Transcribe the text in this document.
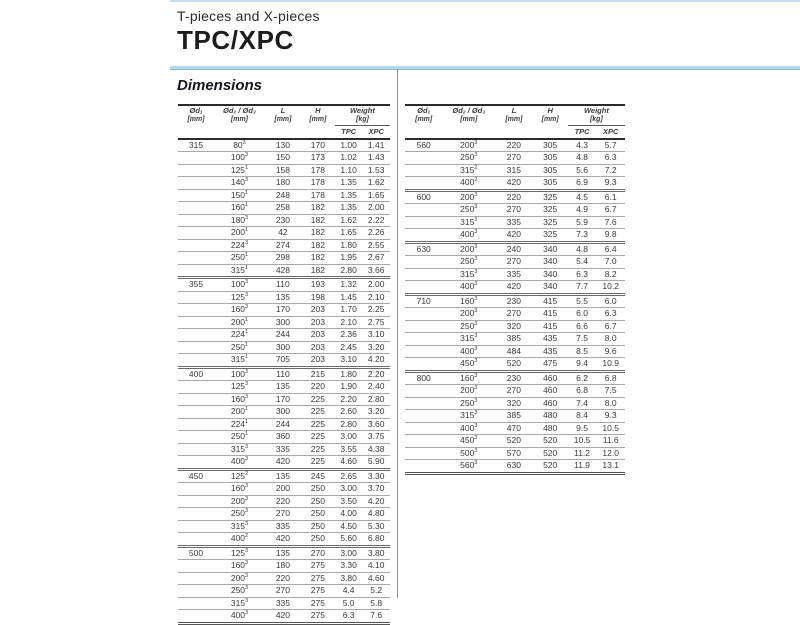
T-pieces and X-pieces
TPC/XPC
Dimensions
Ød₁
[mm]	Ød₂ / Ød₃
[mm]	L
[mm]	H
[mm]	Weight
[kg]	

				TPC	XPC
315	$80^3$	130	170	1.00	1.41
	$100^3$	150	173	1.02	1.43
	$125^1$	158	178	1.10	1.53
	$140^3$	180	178	1.35	1.62
	$150^1$	248	178	1.35	1.65
	$160^1$	258	182	1.35	2.00
	$180^3$	230	182	1.62	2.22
	$200^1$	42	182	1.65	2.26
	$224^3$	274	182	1.80	2.55
	$250^1$	298	182	1.95	2.67
	$315^1$	428	182	2.80	3.66
355	$100^3$	110	193	1.32	2.00
	$125^3$	135	198	1.45	2.10
	$160^3$	170	203	1.70	2.25
	$200^1$	300	203	2.10	2.75
	$224^1$	244	203	2.36	3.10
	$250^1$	300	203	2.45	3.20
	$315^1$	705	203	3.10	4.20
400	$100^3$	110	215	1.80	2.20
	$125^3$	135	220	1.90	2.40
	$160^3$	170	225	2.20	2.80
	$200^1$	300	225	2.60	3.20
	$224^1$	244	225	2.80	3.60
	$250^1$	360	225	3.00	3.75
	$315^3$	335	225	3.55	4.38
	$400^3$	420	225	4.60	5.90
450	$125^2$	135	245	2.65	3.30
	$160^3$	200	250	3.00	3.70
	$200^3$	220	250	3.50	4.20
	$250^3$	270	250	4.00	4.80
	$315^3$	335	250	4.50	5.30
	$400^2$	420	250	5.60	6.80
500	$125^3$	135	270	3.00	3.80
	$160^3$	180	275	3.30	4.10
	$200^3$	220	275	3.80	4.60
	$250^3$	270	275	4.4	5.2
	$315^3$	335	275	5.0	5.8
	$400^3$	420	275	6.3	7.6
Ød₁
[mm]	Ød₂ / Ød₃
[mm]	L
[mm]	H
[mm]	Weight
[kg]	

				TPC	XPC
560	$200^3$	220	305	4.3	5.7
	$250^3$	270	305	4.8	6.3
	$315^2$	315	305	5.6	7.2
	$400^2$	420	305	6.9	9.3
600	$200^3$	220	325	4.5	6.1
	$250^3$	270	325	4.9	6.7
	$315^3$	335	325	5.9	7.6
	$400^3$	420	325	7.3	9.8
630	$200^3$	240	340	4.8	6.4
	$250^3$	270	340	5.4	7.0
	$315^3$	335	340	6.3	8.2
	$400^3$	420	340	7.7	10.2
710	$160^3$	230	415	5.5	6.0
	$200^3$	270	415	6.0	6.3
	$250^3$	320	415	6.6	6.7
	$315^3$	385	435	7.5	8.0
	$400^3$	484	435	8.5	9.6
	$450^3$	520	475	9.4	10.9
800	$160^3$	230	460	6.2	6.8
	$200^3$	270	460	6.8	7.5
	$250^3$	320	460	7.4	8.0
	$315^3$	385	480	8.4	9.3
	$400^3$	470	480	9.5	10.5
	$450^3$	520	520	10.5	11.6
	$500^3$	570	520	11.2	12.0
	$560^3$	630	520	11.9	13.1
